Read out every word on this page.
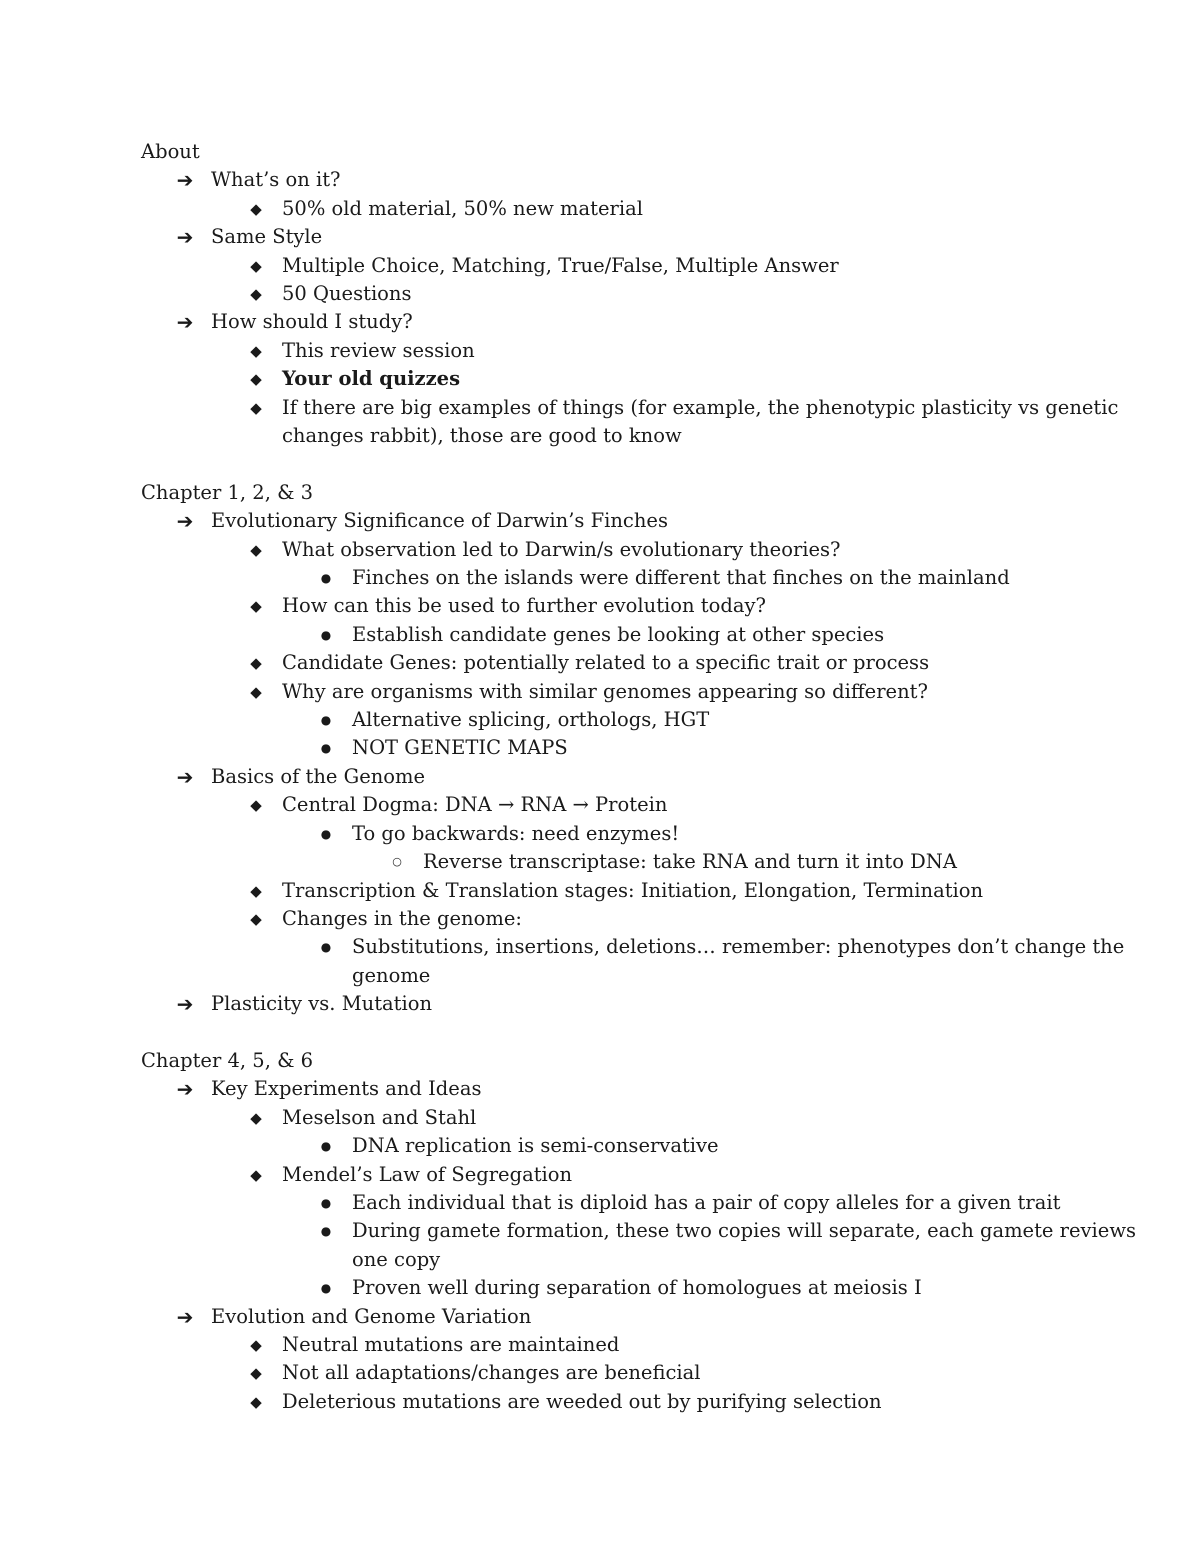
About
➔ What’s on it?
◆ 50% old material, 50% new material
➔ Same Style
◆ Multiple Choice, Matching, True/False, Multiple Answer
◆ 50 Questions
➔ How should I study?
◆ This review session
◆ Your old quizzes
◆ If there are big examples of things (for example, the phenotypic plasticity vs genetic changes rabbit), those are good to know
Chapter 1, 2, & 3
➔ Evolutionary Significance of Darwin’s Finches
◆ What observation led to Darwin/s evolutionary theories?
● Finches on the islands were different that finches on the mainland
◆ How can this be used to further evolution today?
● Establish candidate genes be looking at other species
◆ Candidate Genes: potentially related to a specific trait or process
◆ Why are organisms with similar genomes appearing so different?
● Alternative splicing, orthologs, HGT
● NOT GENETIC MAPS
➔ Basics of the Genome
◆ Central Dogma: DNA → RNA → Protein
● To go backwards: need enzymes!
○ Reverse transcriptase: take RNA and turn it into DNA
◆ Transcription & Translation stages: Initiation, Elongation, Termination
◆ Changes in the genome:
● Substitutions, insertions, deletions… remember: phenotypes don’t change the genome
➔ Plasticity vs. Mutation
Chapter 4, 5, & 6
➔ Key Experiments and Ideas
◆ Meselson and Stahl
● DNA replication is semi-conservative
◆ Mendel’s Law of Segregation
● Each individual that is diploid has a pair of copy alleles for a given trait
● During gamete formation, these two copies will separate, each gamete reviews one copy
● Proven well during separation of homologues at meiosis I
➔ Evolution and Genome Variation
◆ Neutral mutations are maintained
◆ Not all adaptations/changes are beneficial
◆ Deleterious mutations are weeded out by purifying selection
